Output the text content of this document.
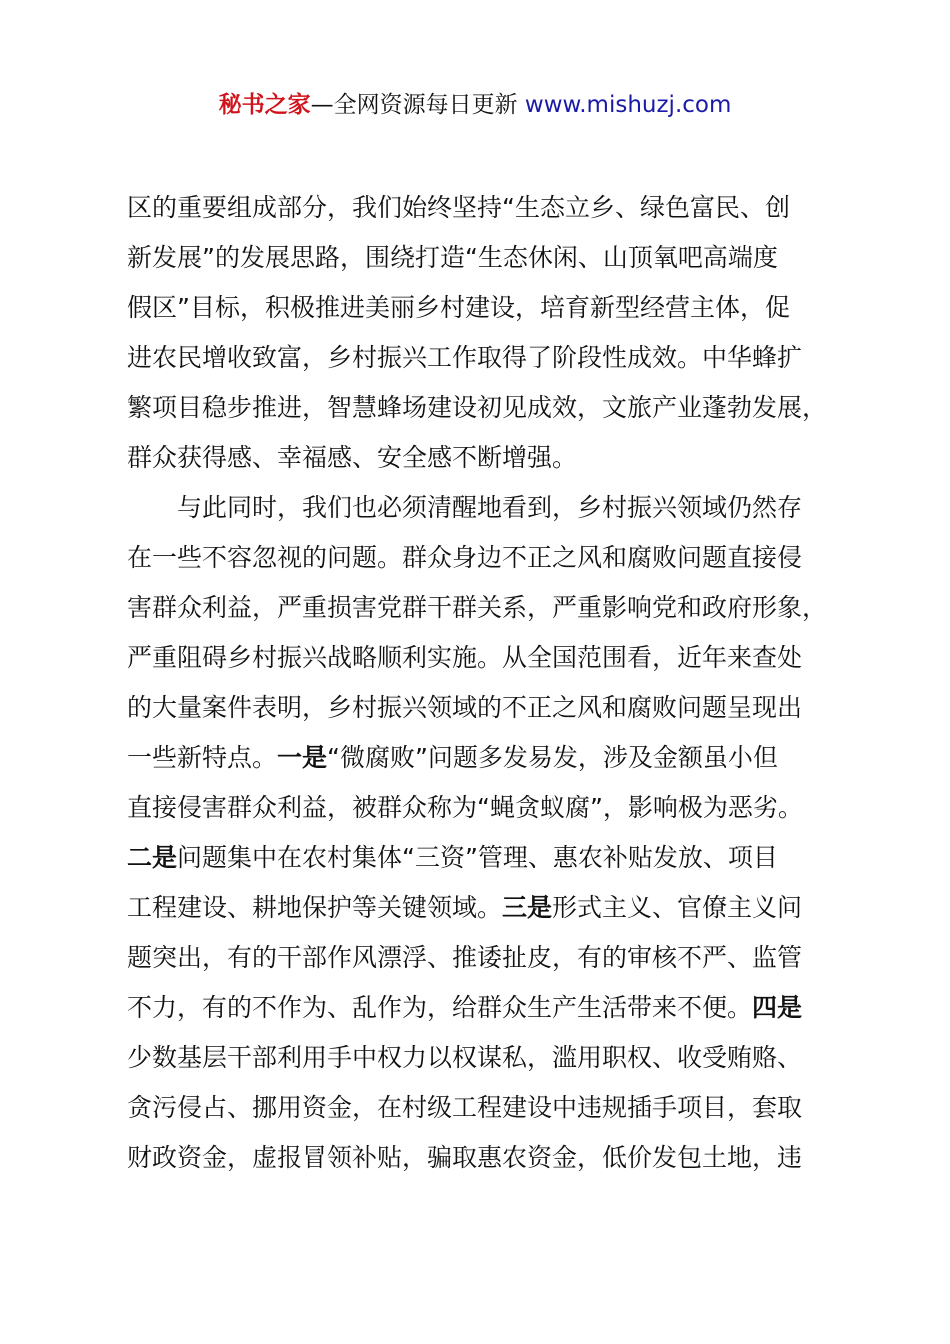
秘书之家—全网资源每日更新 www.mishuzj.com
区的重要组成部分，我们始终坚持“生态立乡、绿色富民、创
新发展”的发展思路，围绕打造“生态休闲、山顶氧吧高端度
假区”目标，积极推进美丽乡村建设，培育新型经营主体，促
进农民增收致富，乡村振兴工作取得了阶段性成效。中华蜂扩
繁项目稳步推进，智慧蜂场建设初见成效，文旅产业蓬勃发展，
群众获得感、幸福感、安全感不断增强。
与此同时，我们也必须清醒地看到，乡村振兴领域仍然存
在一些不容忽视的问题。群众身边不正之风和腐败问题直接侵
害群众利益，严重损害党群干群关系，严重影响党和政府形象，
严重阻碍乡村振兴战略顺利实施。从全国范围看，近年来查处
的大量案件表明，乡村振兴领域的不正之风和腐败问题呈现出
一些新特点。一是“微腐败”问题多发易发，涉及金额虽小但
直接侵害群众利益，被群众称为“蝇贪蚁腐”，影响极为恶劣。
二是问题集中在农村集体“三资”管理、惠农补贴发放、项目
工程建设、耕地保护等关键领域。三是形式主义、官僚主义问
题突出，有的干部作风漂浮、推诿扯皮，有的审核不严、监管
不力，有的不作为、乱作为，给群众生产生活带来不便。四是
少数基层干部利用手中权力以权谋私，滥用职权、收受贿赂、
贪污侵占、挪用资金，在村级工程建设中违规插手项目，套取
财政资金，虚报冒领补贴，骗取惠农资金，低价发包土地，违
